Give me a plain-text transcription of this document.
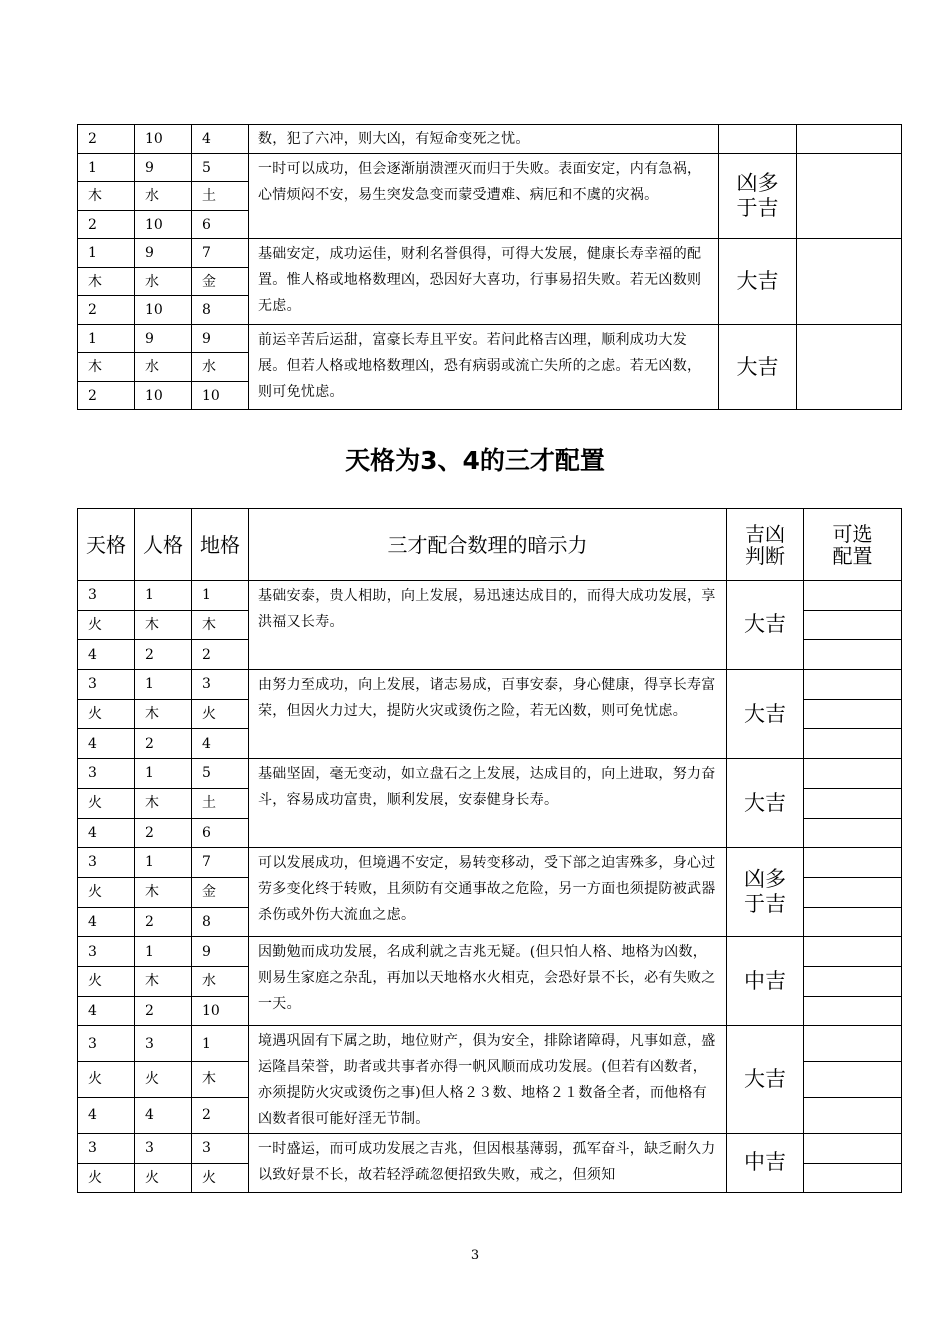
2	10	4	数，犯了六冲，则大凶，有短命变死之忧。		
1	9	5	一时可以成功，但会逐渐崩溃湮灭而归于失败。表面安定，内有急祸，心情烦闷不安，易生突发急变而蒙受遭难、病厄和不虞的灾祸。	凶多于吉	
木	水	土			
2	10	6			
1	9	7	基础安定，成功运佳，财利名誉俱得，可得大发展，健康长寿幸福的配置。惟人格或地格数理凶，恐因好大喜功，行事易招失败。若无凶数则无虑。	大吉	
木	水	金			
2	10	8			
1	9	9	前运辛苦后运甜，富豪长寿且平安。若问此格吉凶理，顺利成功大发展。但若人格或地格数理凶，恐有病弱或流亡失所的之虑。若无凶数，则可免忧虑。	大吉	
木	水	水			
2	10	10			
天格为3、4的三才配置
天格	人格	地格	三才配合数理的暗示力	吉凶判断	可选配置
3	1	1	基础安泰，贵人相助，向上发展，易迅速达成目的，而得大成功发展，享洪福又长寿。	大吉	
火	木	木			
4	2	2			
3	1	3	由努力至成功，向上发展，诸志易成，百事安泰，身心健康，得享长寿富荣，但因火力过大，提防火灾或烫伤之险，若无凶数，则可免忧虑。	大吉	
火	木	火			
4	2	4			
3	1	5	基础坚固，毫无变动，如立盘石之上发展，达成目的，向上进取，努力奋斗，容易成功富贵，顺利发展，安泰健身长寿。	大吉	
火	木	土			
4	2	6			
3	1	7	可以发展成功，但境遇不安定，易转变移动，受下部之迫害殊多，身心过劳多变化终于转败，且须防有交通事故之危险，另一方面也须提防被武器杀伤或外伤大流血之虑。	凶多于吉	
火	木	金			
4	2	8			
3	1	9	因勤勉而成功发展，名成利就之吉兆无疑。(但只怕人格、地格为凶数，则易生家庭之杂乱，再加以天地格水火相克，会恐好景不长，必有失败之一天。	中吉	
火	木	水			
4	2	10			
3	3	1	境遇巩固有下属之助，地位财产，俱为安全，排除诸障碍，凡事如意，盛运隆昌荣誉，助者或共事者亦得一帆风顺而成功发展。(但若有凶数者，亦须提防火灾或烫伤之事)但人格２３数、地格２１数备全者，而他格有凶数者很可能好淫无节制。	大吉	
火	火	木			
4	4	2			
3	3	3	一时盛运，而可成功发展之吉兆，但因根基薄弱，孤军奋斗，缺乏耐久力以致好景不长，故若轻浮疏忽便招致失败，戒之，但须知	中吉	
火	火	火			
3
